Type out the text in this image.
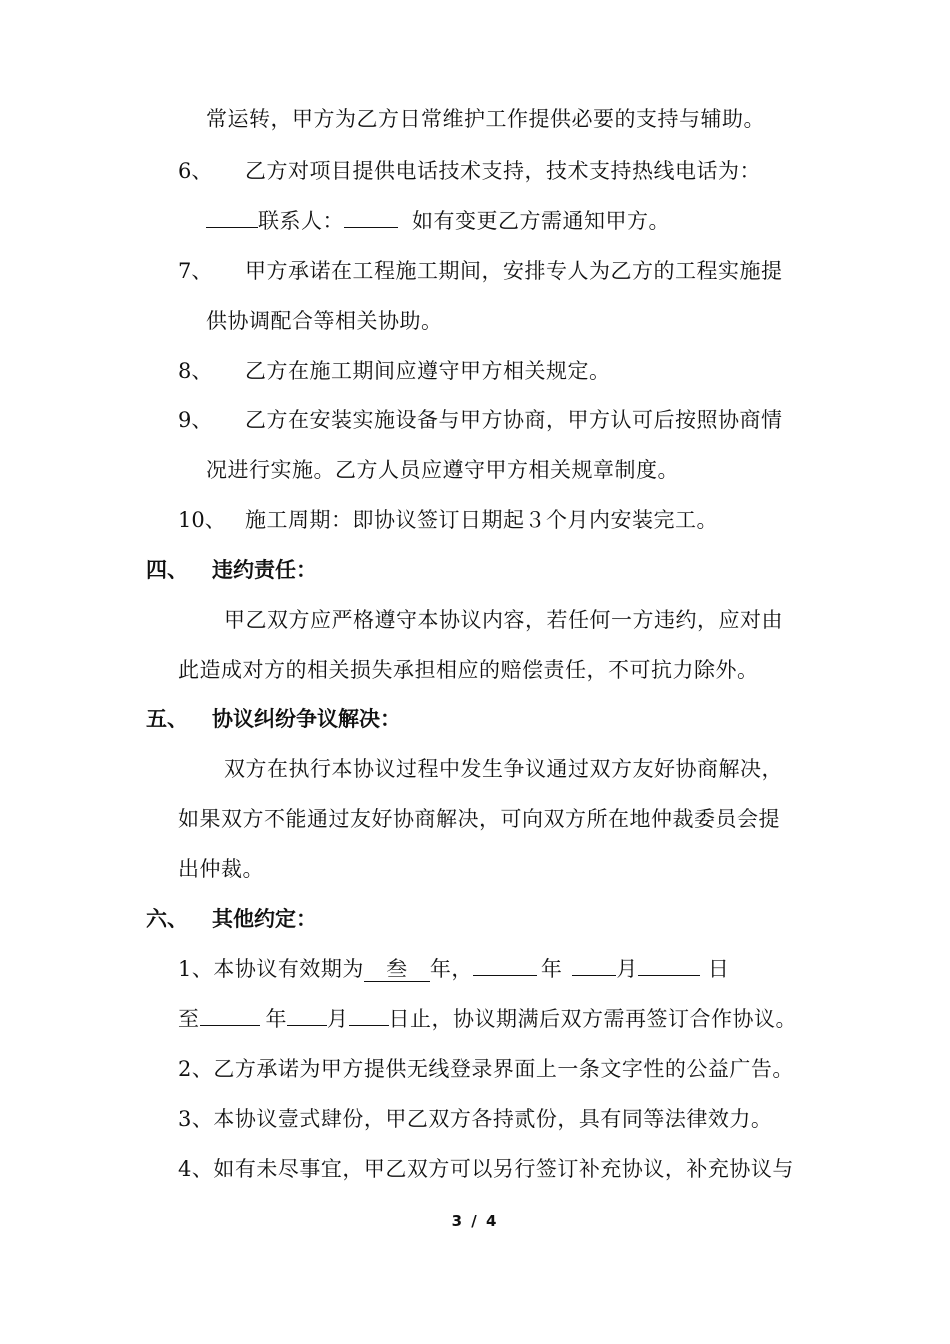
常运转，甲方为乙方日常维护工作提供必要的支持与辅助。
6、 乙方对项目提供电话技术支持，技术支持热线电话为：
联系人：	如有变更乙方需通知甲方。
7、 甲方承诺在工程施工期间，安排专人为乙方的工程实施提
供协调配合等相关协助。
8、 乙方在施工期间应遵守甲方相关规定。
9、 乙方在安装实施设备与甲方协商，甲方认可后按照协商情
况进行实施。乙方人员应遵守甲方相关规章制度。
10、 施工周期：即协议签订日期起３个月内安装完工。
四、 违约责任：
甲乙双方应严格遵守本协议内容，若任何一方违约，应对由
此造成对方的相关损失承担相应的赔偿责任，不可抗力除外。
五、 协议纠纷争议解决：
双方在执行本协议过程中发生争议通过双方友好协商解决，
如果双方不能通过友好协商解决，可向双方所在地仲裁委员会提
出仲裁。
六、 其他约定：
1、本协议有效期为 叁 年，	年	月	日
至	年 月 日止，协议期满后双方需再签订合作协议。
2、乙方承诺为甲方提供无线登录界面上一条文字性的公益广告。
3、本协议壹式肆份，甲乙双方各持贰份，具有同等法律效力。
4、如有未尽事宜，甲乙双方可以另行签订补充协议，补充协议与
3 / 4
